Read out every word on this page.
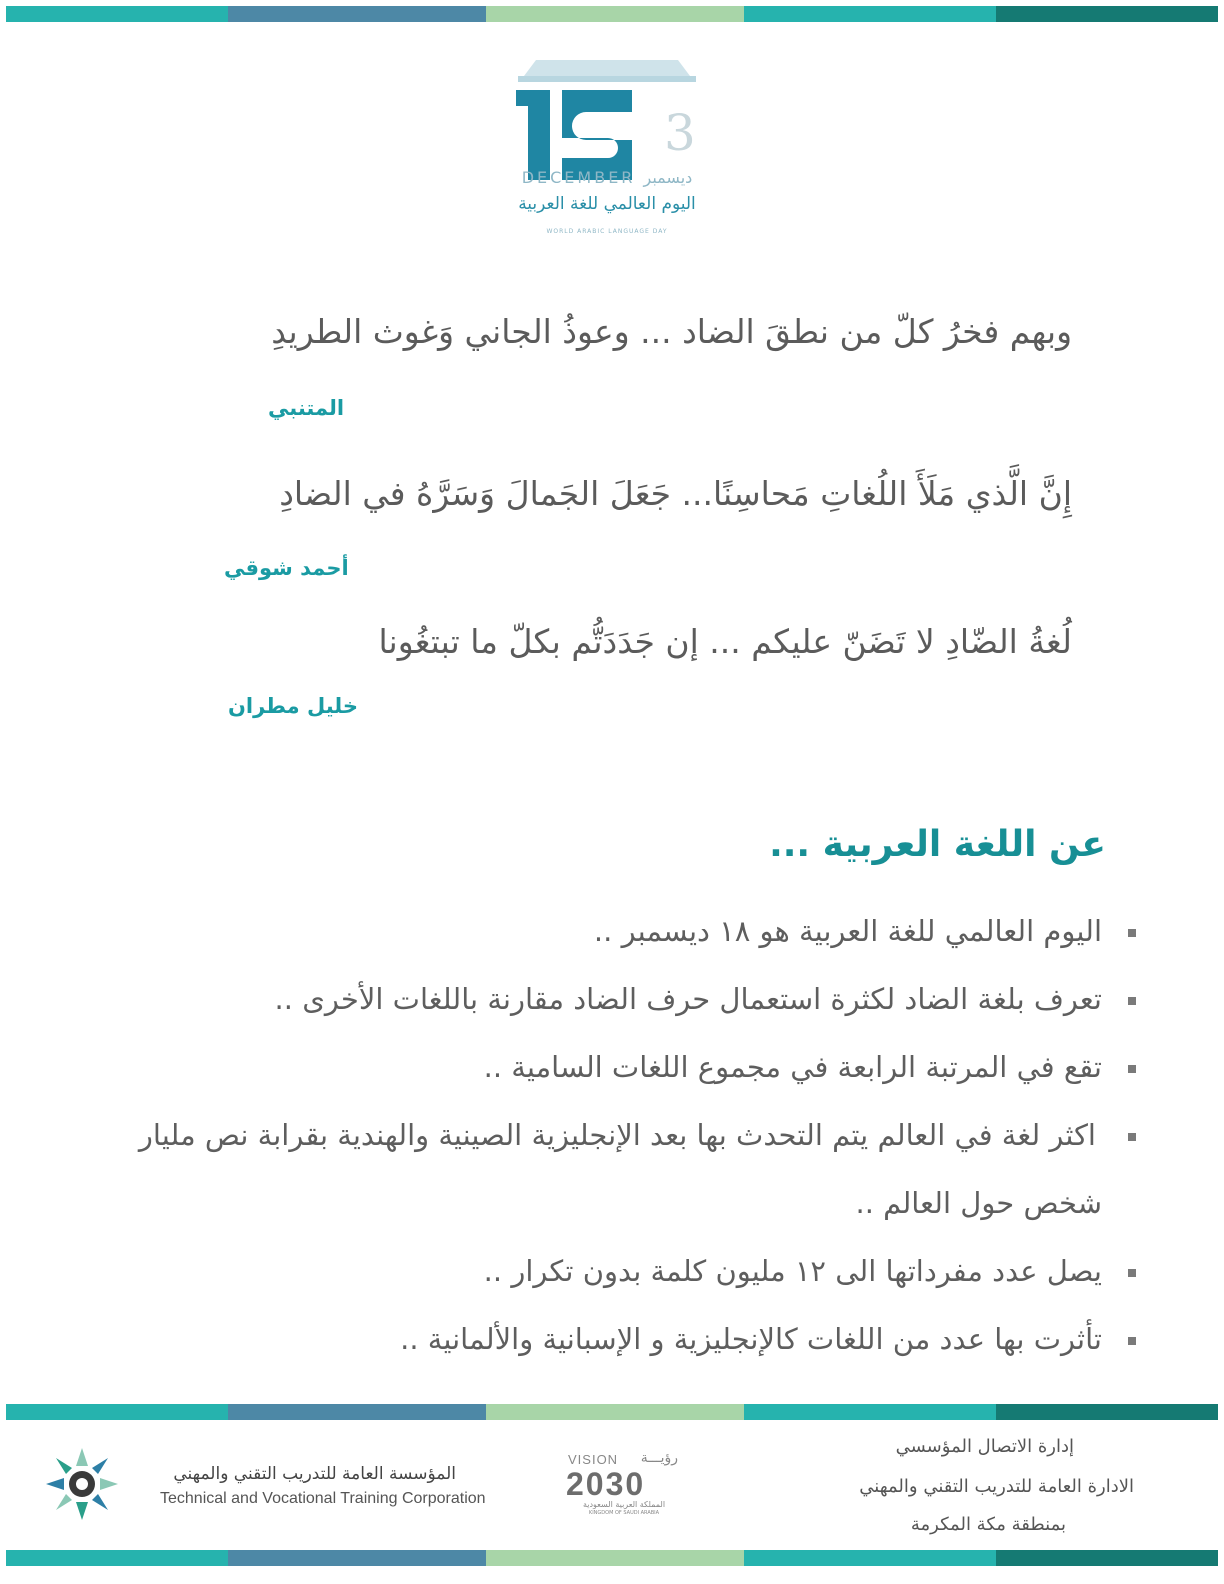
3
DECEMBER ديسمبر
اليوم العالمي للغة العربية
WORLD ARABIC LANGUAGE DAY
وبهم فخرُ كلّ من نطقَ الضاد ... وعوذُ الجاني وَغوث الطريدِ
المتنبي
إِنَّ الَّذي مَلَأَ اللُغاتِ مَحاسِنًا... جَعَلَ الجَمالَ وَسَرَّهُ في الضادِ
أحمد شوقي
لُغةُ الضّادِ لا تَضَنّ عليكم ... إن جَدَدَتُّم بكلّ ما تبتغُونا
خليل مطران
عن اللغة العربية ...
اليوم العالمي للغة العربية هو ١٨ ديسمبر ..
تعرف بلغة الضاد لكثرة استعمال حرف الضاد مقارنة باللغات الأخرى ..
تقع في المرتبة الرابعة في مجموع اللغات السامية ..
اكثر لغة في العالم يتم التحدث بها بعد الإنجليزية الصينية والهندية بقرابة نص مليار
شخص حول العالم ..
يصل عدد مفرداتها الى ١٢ مليون كلمة بدون تكرار ..
تأثرت بها عدد من اللغات كالإنجليزية و الإسبانية والألمانية ..
إدارة الاتصال المؤسسي
الادارة العامة للتدريب التقني والمهني
بمنطقة مكة المكرمة
VISION رؤيـــة
2030
المملكة العربية السعودية
KINGDOM OF SAUDI ARABIA
المؤسسة العامة للتدريب التقني والمهني
Technical and Vocational Training Corporation
